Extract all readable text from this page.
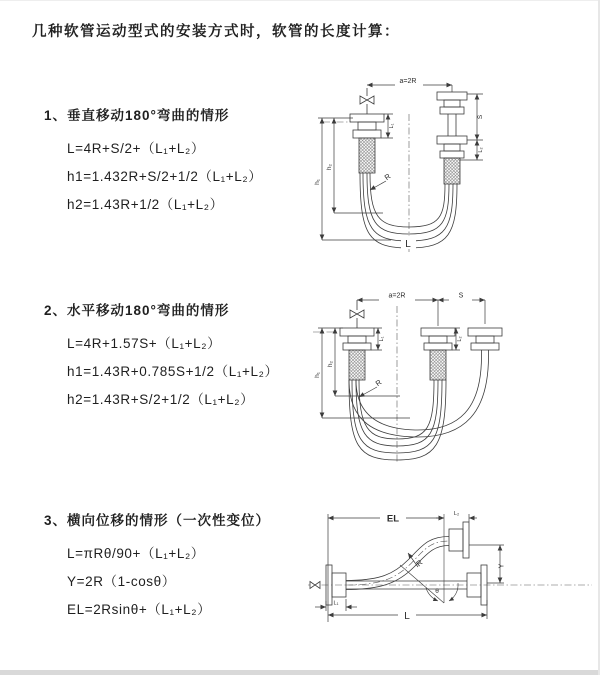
几种软管运动型式的安装方式时，软管的长度计算：
1、垂直移动180°弯曲的情形
L=4R+S/2+（L₁+L₂）
h1=1.432R+S/2+1/2（L₁+L₂）
h2=1.43R+1/2（L₁+L₂）
a=2R
h₁
h₂
L₁
S
L₂
R
L
2、水平移动180°弯曲的情形
L=4R+1.57S+（L₁+L₂）
h1=1.43R+0.785S+1/2（L₁+L₂）
h2=1.43R+S/2+1/2（L₁+L₂）
a=2R	S
h₁
h₂
L₁	L₂
R
3、横向位移的情形（一次性变位）
L=πRθ/90+（L₁+L₂）
Y=2R（1-cosθ）
EL=2Rsinθ+（L₁+L₂）
EL	L₂
R	Y
θ
L
L₁
